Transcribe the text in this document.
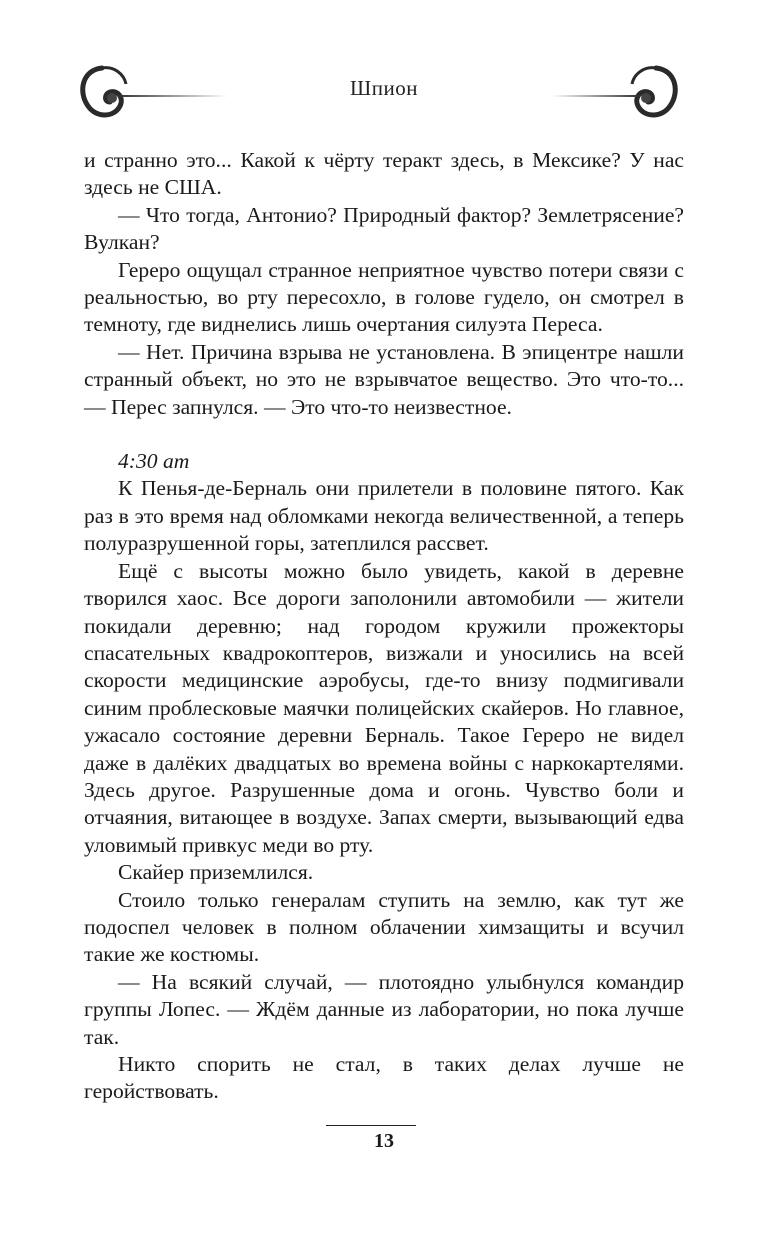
Шпион

и странно это... Какой к чёрту теракт здесь, в Мексике? У нас здесь не США.

— Что тогда, Антонио? Природный фактор? Землетрясение? Вулкан?

Герeро ощущал странное неприятное чувство потери связи с реальностью, во рту пересохло, в голове гудело, он смотрел в темноту, где виднелись лишь очертания силуэта Переса.

— Нет. Причина взрыва не установлена. В эпицентре нашли странный объект, но это не взрывчатое вещество. Это что-то... — Перес запнулся. — Это что-то неизвестное.

4:30 am

К Пенья-де-Берналь они прилетели в половине пятого. Как раз в это время над обломками некогда величественной, а теперь полуразрушенной горы, затеплился рассвет.

Ещё с высоты можно было увидеть, какой в деревне творился хаос. Все дороги заполонили автомобили — жители покидали деревню; над городом кружили прожекторы спасательных квадрокоптеров, визжали и уносились на всей скорости медицинские аэробусы, где-то внизу подмигивали синим проблесковые маячки полицейских скайеров. Но главное, ужасало состояние деревни Берналь. Такое Герeро не видел даже в далёких двадцатых во времена войны с наркокартелями. Здесь другое. Разрушенные дома и огонь. Чувство боли и отчаяния, витающее в воздухе. Запах смерти, вызывающий едва уловимый привкус меди во рту.

Скайер приземлился.

Стоило только генералам ступить на землю, как тут же подоспел человек в полном облачении химзащиты и всучил такие же костюмы.

— На всякий случай, — плотоядно улыбнулся командир группы Лопес. — Ждём данные из лаборатории, но пока лучше так.

Никто спорить не стал, в таких делах лучше не геройствовать.

13
